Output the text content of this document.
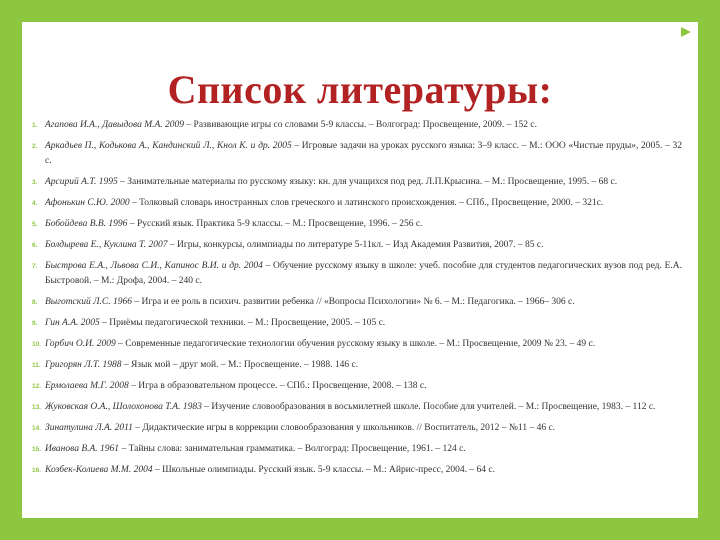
Список литературы:
1. Агапова И.А., Давыдова М.А. 2009 – Развивающие игры со словами 5-9 классы. – Волгоград: Просвещение, 2009. – 152 с.
2. Аркадьев П., Кодькова А., Кандинский Л., Кнол К. и др. 2005 – Игровые задачи на уроках русского языка: 3–9 класс. – М.: ООО «Чистые пруды», 2005. – 32 с.
3. Арсирий А.Т. 1995 – Занимательные материалы по русскому языку: кн. для учащихся под ред. Л.П.Крысина. – М.: Просвещение, 1995. – 68 с.
4. Афонькин С.Ю. 2000 – Толковый словарь иностранных слов греческого и латинского происхождения. – СПб., Просвещение, 2000. – 321с.
5. Бобойдева В.В. 1996 – Русский язык. Практика 5-9 классы. – М.: Просвещение, 1996. – 256 с.
6. Болдырева Е., Куклина Т. 2007 – Игры, конкурсы, олимпиады по литературе 5-11кл. – Изд Академия Развития, 2007. – 85 с.
7. Быстрова Е.А., Львова С.И., Капинос В.И. и др. 2004 – Обучение русскому языку в школе: учеб. пособие для студентов педагогических вузов под ред. Е.А. Быстровой. – М.: Дрофа, 2004. – 240 с.
8. Выготский Л.С. 1966 – Игра и ее роль в психич. развитии ребенка // «Вопросы Психологии» № 6. – М.: Педагогика. – 1966– 306 с.
9. Гин А.А. 2005 – Приёмы педагогической техники. – М.: Просвещение, 2005. – 105 с.
10. Горбич О.И. 2009 – Современные педагогические технологии обучения русскому языку в школе. – М.: Просвещение, 2009 № 23. – 49 с.
11. Григорян Л.Т. 1988 – Язык мой – друг мой. – М.: Просвещение. – 1988. 146 с.
12. Ермолаева М.Г. 2008 – Игра в образовательном процессе. – СПб.: Просвещение, 2008. – 138 с.
13. Жуковская О.А., Шолохонова Т.А. 1983 – Изучение словообразования в восьмилетней школе. Пособие для учителей. – М.: Просвещение, 1983. – 112 с.
14. Зинатулина Л.А. 2011 – Дидактические игры в коррекции словообразования у школьников. // Воспитатель, 2012 – №11 – 46 с.
15. Иванова В.А. 1961 – Тайны слова: занимательная грамматика. – Волгоград: Просвещение, 1961. – 124 с.
16. Козбек-Колиева М.М. 2004 – Школьные олимпиады. Русский язык. 5-9 классы. – М.: Айрис-пресс, 2004. – 64 с.
